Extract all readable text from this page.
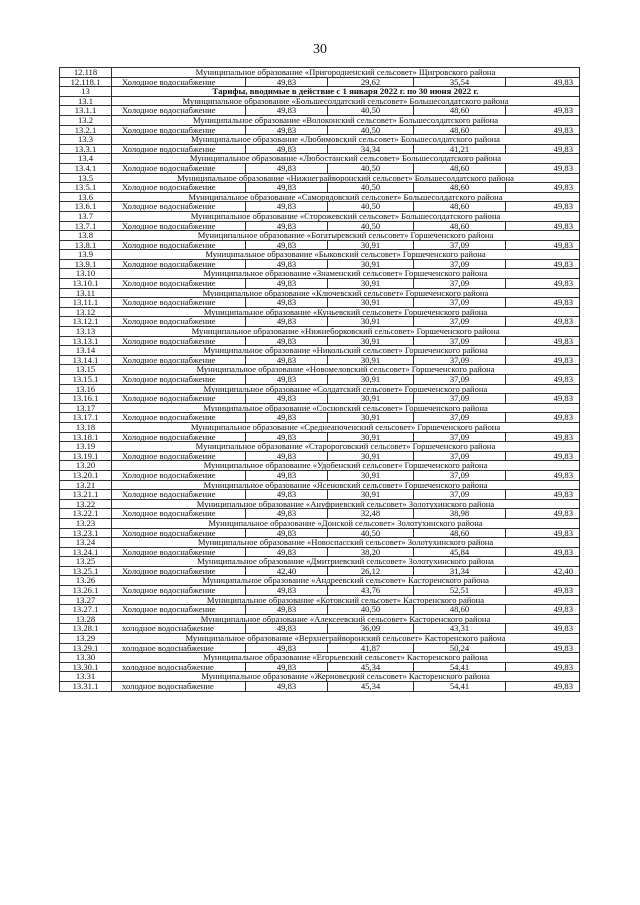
30
12.118	Муниципальное образование «Пригородненский сельсовет» Щигровского района				
12.118.1	Холодное водоснабжение	49,83	29,62	35,54	49,83
13	Тарифы, вводимые в действие с 1 января 2022 г. по 30 июня 2022 г.				
13.1	Муниципальное образование «Большесолдатский сельсовет» Большесолдатского района				
13.1.1	Холодное водоснабжение	49,83	40,50	48,60	49,83
13.2	Муниципальное образование «Волоконский сельсовет» Большесолдатского района				
13.2.1	Холодное водоснабжение	49,83	40,50	48,60	49,83
13.3	Муниципальное образование «Любимовский сельсовет» Большесолдатского района				
13.3.1	Холодное водоснабжение	49,83	34,34	41,21	49,83
13.4	Муниципальное образование «Любостанский сельсовет» Большесолдатского района				
13.4.1	Холодное водоснабжение	49,83	40,50	48,60	49,83
13.5	Муниципальное образование «Нижнеграйворонский сельсовет» Большесолдатского района				
13.5.1	Холодное водоснабжение	49,83	40,50	48,60	49,83
13.6	Муниципальное образование «Саморядовский сельсовет» Большесолдатского района				
13.6.1	Холодное водоснабжение	49,83	40,50	48,60	49,83
13.7	Муниципальное образование «Сторожевский сельсовет» Большесолдатского района				
13.7.1	Холодное водоснабжение	49,83	40,50	48,60	49,83
13.8	Муниципальное образование «Богатыревский сельсовет» Горшеченского района				
13.8.1	Холодное водоснабжение	49,83	30,91	37,09	49,83
13.9	Муниципальное образование «Быковский сельсовет» Горшеченского района				
13.9.1	Холодное водоснабжение	49,83	30,91	37,09	49,83
13.10	Муниципальное образование «Знаменский сельсовет» Горшеченского района				
13.10.1	Холодное водоснабжение	49,83	30,91	37,09	49,83
13.11	Муниципальное образование «Ключевский сельсовет» Горшеченского района				
13.11.1	Холодное водоснабжение	49,83	30,91	37,09	49,83
13.12	Муниципальное образование «Куньевский сельсовет» Горшеченского района				
13.12.1	Холодное водоснабжение	49,83	30,91	37,09	49,83
13.13	Муниципальное образование «Нижнеборковский сельсовет» Горшеченского района				
13.13.1	Холодное водоснабжение	49,83	30,91	37,09	49,83
13.14	Муниципальное образование «Никольский сельсовет» Горшеченского района				
13.14.1	Холодное водоснабжение	49,83	30,91	37,09	49,83
13.15	Муниципальное образование «Новомеловский сельсовет» Горшеченского района				
13.15.1	Холодное водоснабжение	49,83	30,91	37,09	49,83
13.16	Муниципальное образование «Солдатский сельсовет» Горшеченского района				
13.16.1	Холодное водоснабжение	49,83	30,91	37,09	49,83
13.17	Муниципальное образование «Сосновский сельсовет» Горшеченского района				
13.17.1	Холодное водоснабжение	49,83	30,91	37,09	49,83
13.18	Муниципальное образование «Среднеапоченский сельсовет» Горшеченского района				
13.18.1	Холодное водоснабжение	49,83	30,91	37,09	49,83
13.19	Муниципальное образование «Старороговский сельсовет» Горшеченского района				
13.19.1	Холодное водоснабжение	49,83	30,91	37,09	49,83
13.20	Муниципальное образование «Удобенский сельсовет» Горшеченского района				
13.20.1	Холодное водоснабжение	49,83	30,91	37,09	49,83
13.21	Муниципальное образование «Ясеновский сельсовет» Горшеченского района				
13.21.1	Холодное водоснабжение	49,83	30,91	37,09	49,83
13.22	Муниципальное образование «Ануфриевский сельсовет» Золотухинского района				
13.22.1	Холодное водоснабжение	49,83	32,48	38,98	49,83
13.23	Муниципальное образование «Донской сельсовет» Золотухинского района				
13.23.1	Холодное водоснабжение	49,83	40,50	48,60	49,83
13.24	Муниципальное образование «Новоспасский сельсовет» Золотухинского района				
13.24.1	Холодное водоснабжение	49,83	38,20	45,84	49,83
13.25	Муниципальное образование «Дмитриевский сельсовет» Золотухинского района				
13.25.1	Холодное водоснабжение	42,40	26,12	31,34	42,40
13.26	Муниципальное образование «Андреевский сельсовет» Касторенского района				
13.26.1	Холодное водоснабжение	49,83	43,76	52,51	49,83
13.27	Муниципальное образование «Котовский сельсовет» Касторенского района				
13.27.1	Холодное водоснабжение	49,83	40,50	48,60	49,83
13.28	Муниципальное образование «Алексеевский сельсовет» Касторенского района				
13.28.1	холодное водоснабжение	49,83	36,09	43,31	49,83
13.29	Муниципальное образование «Верхнеграйворонский сельсовет» Касторенского района				
13.29.1	холодное водоснабжение	49,83	41,87	50,24	49,83
13.30	Муниципальное образование «Егорьевский сельсовет» Касторенского района				
13.30.1	холодное водоснабжение	49,83	45,34	54,41	49,83
13.31	Муниципальное образование «Жерновецкий сельсовет» Касторенского района				
13.31.1	холодное водоснабжение	49,83	45,34	54,41	49,83
